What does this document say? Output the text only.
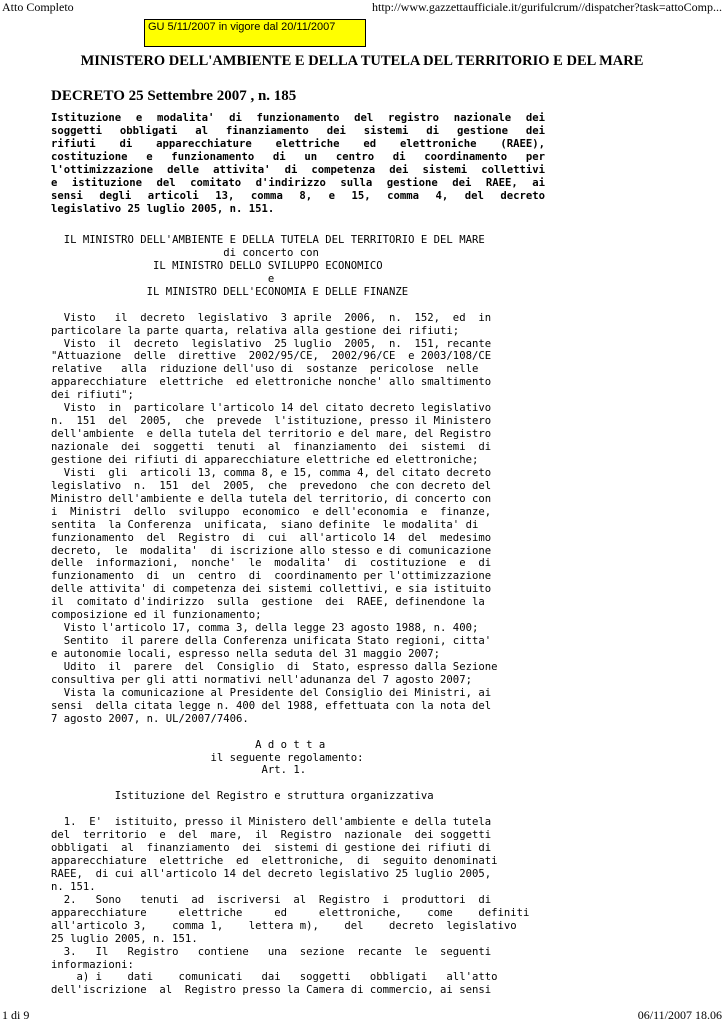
Atto Completo	http://www.gazzettaufficiale.it/gurifulcrum//dispatcher?task=attoComp...
GU 5/11/2007 in vigore dal 20/11/2007
MINISTERO DELL'AMBIENTE E DELLA TUTELA DEL TERRITORIO E DEL MARE
DECRETO 25 Settembre 2007 , n. 185
Istituzione e modalita' di funzionamento del registro nazionale dei
soggetti obbligati al finanziamento dei sistemi di gestione dei
rifiuti di apparecchiature elettriche ed elettroniche (RAEE),
costituzione e funzionamento di un centro di coordinamento per
l'ottimizzazione delle attivita' di competenza dei sistemi collettivi
e istituzione del comitato d'indirizzo sulla gestione dei RAEE, ai
sensi degli articoli 13, comma 8, e 15, comma 4, del decreto
legislativo 25 luglio 2005, n. 151.
IL MINISTRO DELL'AMBIENTE E DELLA TUTELA DEL TERRITORIO E DEL MARE
di concerto con
IL MINISTRO DELLO SVILUPPO ECONOMICO
e
IL MINISTRO DELL'ECONOMIA E DELLE FINANZE
Visto   il  decreto  legislativo  3 aprile  2006,  n.  152,  ed  in
particolare la parte quarta, relativa alla gestione dei rifiuti;
Visto  il  decreto  legislativo  25 luglio  2005,  n.  151, recante
"Attuazione  delle  direttive  2002/95/CE,  2002/96/CE  e 2003/108/CE
relative   alla  riduzione dell'uso di  sostanze  pericolose  nelle
apparecchiature  elettriche  ed elettroniche nonche' allo smaltimento
dei rifiuti";
Visto  in  particolare l'articolo 14 del citato decreto legislativo
n.  151  del  2005,  che  prevede  l'istituzione, presso il Ministero
dell'ambiente  e della tutela del territorio e del mare, del Registro
nazionale  dei  soggetti  tenuti  al  finanziamento  dei  sistemi  di
gestione dei rifiuti di apparecchiature elettriche ed elettroniche;
Visti  gli  articoli 13, comma 8, e 15, comma 4, del citato decreto
legislativo  n.  151  del  2005,  che  prevedono  che con decreto del
Ministro dell'ambiente e della tutela del territorio, di concerto con
i  Ministri  dello  sviluppo  economico  e dell'economia  e  finanze,
sentita  la Conferenza  unificata,  siano definite  le modalita' di
funzionamento  del  Registro  di  cui  all'articolo 14  del  medesimo
decreto,  le  modalita'  di iscrizione allo stesso e di comunicazione
delle  informazioni,  nonche'  le  modalita'  di  costituzione  e  di
funzionamento  di  un  centro  di  coordinamento per l'ottimizzazione
delle attivita' di competenza dei sistemi collettivi, e sia istituito
il  comitato d'indirizzo  sulla  gestione  dei  RAEE, definendone la
composizione ed il funzionamento;
Visto l'articolo 17, comma 3, della legge 23 agosto 1988, n. 400;
Sentito  il parere della Conferenza unificata Stato regioni, citta'
e autonomie locali, espresso nella seduta del 31 maggio 2007;
Udito  il  parere  del  Consiglio  di  Stato, espresso dalla Sezione
consultiva per gli atti normativi nell'adunanza del 7 agosto 2007;
Vista la comunicazione al Presidente del Consiglio dei Ministri, ai
sensi  della citata legge n. 400 del 1988, effettuata con la nota del
7 agosto 2007, n. UL/2007/7406.
A d o t t a
il seguente regolamento:
Art. 1.
Istituzione del Registro e struttura organizzativa
1.  E'  istituito, presso il Ministero dell'ambiente e della tutela
del  territorio  e  del  mare,  il  Registro  nazionale  dei soggetti
obbligati  al  finanziamento  dei  sistemi di gestione dei rifiuti di
apparecchiature  elettriche  ed  elettroniche,  di  seguito denominati
RAEE,  di cui all'articolo 14 del decreto legislativo 25 luglio 2005,
n. 151.
2.   Sono   tenuti  ad  iscriversi  al  Registro  i  produttori  di
apparecchiature     elettriche     ed     elettroniche,    come    definiti
all'articolo 3,    comma 1,    lettera m),    del    decreto  legislativo
25 luglio 2005, n. 151.
3.   Il   Registro   contiene   una  sezione  recante  le  seguenti
informazioni:
a) i    dati    comunicati   dai   soggetti   obbligati   all'atto
dell'iscrizione  al  Registro presso la Camera di commercio, ai sensi
1 di 9	06/11/2007 18.06
